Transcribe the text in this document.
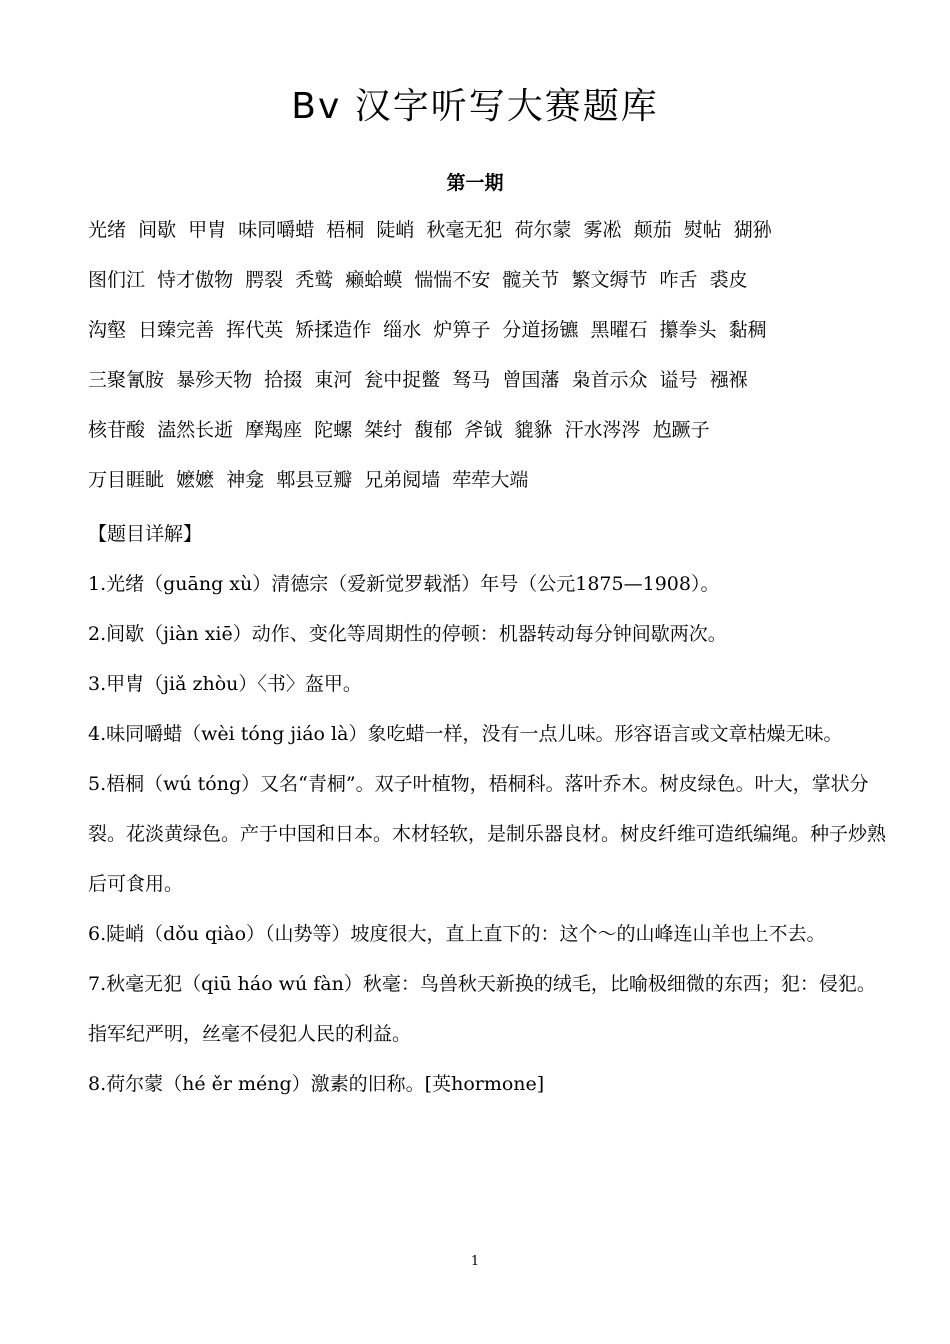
Bv 汉字听写大赛题库
第一期
光绪 间歇 甲胄 味同嚼蜡 梧桐 陡峭 秋毫无犯 荷尔蒙 雾凇 颠茄 熨帖 猢狲
图们江 恃才傲物 腭裂 秃鹫 癞蛤蟆 惴惴不安 髋关节 繁文缛节 咋舌 裘皮
沟壑 日臻完善 挥代英 矫揉造作 缁水 炉箅子 分道扬镳 黑曜石 攥拳头 黏稠
三聚氰胺 暴殄天物 拾掇 東河 瓮中捉鳖 驽马 曾国藩 枭首示众 谥号 襁褓
核苷酸 溘然长逝 摩羯座 陀螺 桀纣 馥郁 斧钺 貔貅 汗水涔涔 尥蹶子
万目睚眦 嬷嬷 神龛 郫县豆瓣 兄弟阋墙 荦荦大端

【题目详解】

1.光绪（guāng xù）清德宗（爱新觉罗载湉）年号（公元1875—1908）。

2.间歇（jiàn xiē）动作、变化等周期性的停顿：机器转动每分钟间歇两次。

3.甲胄（jiǎ zhòu）〈书〉盔甲。

4.味同嚼蜡（wèi tóng jiáo là）象吃蜡一样，没有一点儿味。形容语言或文章枯燥无味。

5.梧桐（wú tóng）又名“青桐”。双子叶植物，梧桐科。落叶乔木。树皮绿色。叶大，掌状分裂。花淡黄绿色。产于中国和日本。木材轻软，是制乐器良材。树皮纤维可造纸编绳。种子炒熟后可食用。

6.陡峭（dǒu qiào）（山势等）坡度很大，直上直下的：这个～的山峰连山羊也上不去。

7.秋毫无犯（qiū háo wú fàn）秋毫：鸟兽秋天新换的绒毛，比喻极细微的东西；犯：侵犯。指军纪严明，丝毫不侵犯人民的利益。

8.荷尔蒙（hé ěr méng）激素的旧称。[英hormone]

1
